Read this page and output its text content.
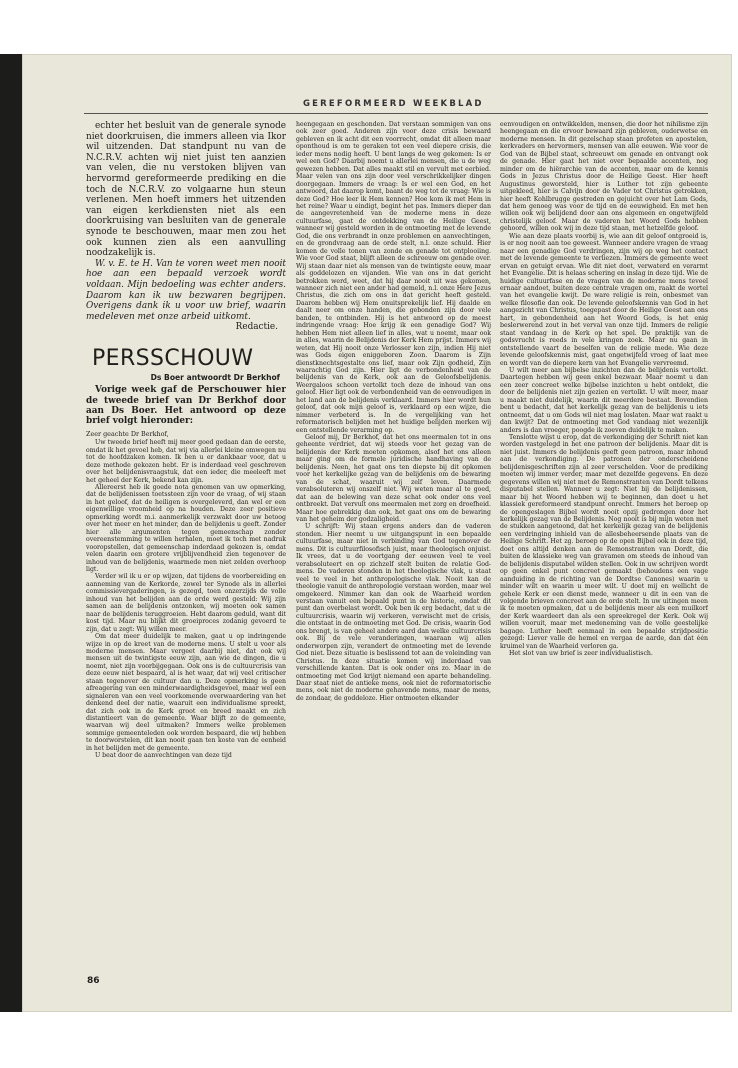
GEREFORMEERD WEEKBLAD

echter het besluit van de generale synode niet doorkruisen, die immers alleen via Ikor wil uitzenden. Dat standpunt nu van de N.C.R.V. achten wij niet juist ten aanzien van velen, die nu verstoken blijven van hervormd gereformeerde prediking en die toch de N.C.R.V. zo volgaarne hun steun verlenen. Men hoeft immers het uitzenden van eigen kerkdiensten niet als een doorkruising van besluiten van de generale synode te beschouwen, maar men zou het ook kunnen zien als een aanvulling noodzakelijk is.

W. v. E. te H. Van te voren weet men nooit hoe aan een bepaald verzoek wordt voldaan. Mijn bedoeling was echter anders. Daarom kan ik uw bezwaren begrijpen. Overigens dank ik u voor uw brief, waarin medeleven met onze arbeid uitkomt.

Redactie.
PERSSCHOUW
Ds Boer antwoordt Dr Berkhof

Vorige week gaf de Perschouwer hier de tweede brief van Dr Berkhof door aan Ds Boer. Het antwoord op deze brief volgt hieronder:

Zeer geachte Dr Berkhof,

Uw tweede brief heeft mij meer goed gedaan dan de eerste, omdat ik het gevoel heb, dat wij via allerlei kleine omwegen nu tot de hoofdzaken komen. Ik ben u er dankbaar voor, dat u deze methode gekozen hebt. Er is inderdaad veel geschreven over het belijdenisvraagstuk, dat een ieder, die meeleeft met het geheel der Kerk, bekend kan zijn.

Allereerst heb ik goede nota genomen van uw opmerking, dat de belijdenissen toetssteen zijn voor de vraag, of wij staan in het geloof, dat de heiligen is overgeleverd, dan wel er een eigenwillige vroomheid op na houden. Deze zeer positieve opmerking wordt m.i. aanmerkelijk verzwakt door uw betoog over het meer en het minder, dan de belijdenis u geeft. Zonder hier alle argumenten tegen gemeenschap zonder overeenstemming te willen herhalen, moet ik toch met nadruk vooropstellen, dat gemeenschap inderdaad gekozen is, omdat velen daarin een grotere vrijblijvendheid zien tegenover de inhoud van de belijdenis, waarmede men niet zelden overhoop ligt.

Verder wil ik u er op wijzen, dat tijdens de voorbereiding en aanneming van de Kerkorde, zowel ter Synode als in allerlei commissievergaderingen, is gezegd, toen onzerzijds de volle inhoud van het belijden aan de orde werd gesteld: Wij zijn samen aan de belijdenis ontzonken, wij moeten ook samen naar de belijdenis teruggroeien. Hebt daarom geduld, want dit kost tijd. Maar nu blijkt dit groeiproces zodanig gevoerd te zijn, dat u zegt: Wij willen meer.

Om dat meer duidelijk te maken, gaat u op indringende wijze in op de kreet van de moderne mens. U stelt u voor als moderne mensen. Maar vergeet daarbij niet, dat ook wij mensen uit de twintigste eeuw zijn, aan wie de dingen, die u noemt, niet zijn voorbijgegaan. Ook ons is de cultuurcrisis van deze eeuw niet bespaard, al is het waar, dat wij veel critischer staan tegenover de cultuur dan u. Deze opmerking is geen afreagering van een minderwaardigheidsgevoel, maar wel een signaleren van een veel voorkomende overwaardering van het denkend deel der natie, waaruit een individualisme spreekt, dat zich ook in de Kerk groot en breed maakt en zich distantieert van de gemeente. Waar blijft zo de gemeente, waarvan wij deel uitmaken? Immers welke problemen sommige gemeenteleden ook worden bespaard, die wij hebben te doorworstelen, dit kan nooit gaan ten koste van de eenheid in het belijden met de gemeente.

U beat door de aanvechtingen van deze tijd

heengegaan en geschonden. Dat verstaan sommigen van ons ook zeer goed. Anderen zijn voor deze crisis bewaard gebleven en ik acht dit een voorrecht, omdat dit alleen maar oponthoud is om te geraken tot een veel diepere crisis, die ieder mens nodig heeft. U bent langs de weg gekomen: Is er wel een God? Daarbij noemt u allerlei mensen, die u de weg gewezen hebben. Dat alles maakt stil en vervult met eerbied. Maar velen van ons zijn door veel verschrikkelijker dingen doorgegaan. Immers de vraag: Is er wel een God, en het antwoord, dat daarop komt, baant de weg tot de vraag: Wie is deze God? Hoe leer ik Hem kennen? Hoe kom ik met Hem in het reine? Waar u eindigt, begint het pas. Immers dieper dan de aangevretenheid van de moderne mens in deze cultuurfase, gaat de ontdekking van de Heilige Geest, wanneer wij gesteld worden in de ontmoeting met de levende God, die ons verbrandt in onze problemen en aanvechtingen, en de grondvraag aan de orde stelt, n.l. onze schuld. Hier komen de volle tonen van zonde en genade tot ontplooiing. Wie voor God staat, blijft alleen de schreeuw om genade over. Wij staan daar niet als mensen van de twintigste eeuw, maar als goddelozen en vijanden. Wie van ons in dat gericht betrokken werd, weet, dat hij daar nooit uit was gekomen, wanneer zich niet een ander had gemeld, n.l. onze Here Jezus Christus, die zich om ons in dat gericht heeft gesteld. Daarom hebben wij Hem onuitsprekelijk lief. Hij daalde en daalt neer om onze handen, die gebonden zijn door vele banden, te ontbinden. Hij is het antwoord op de meest indringende vraag: Hoe krijg ik een genadige God? Wij hebben Hem niet alleen lief in alles, wat u noemt, maar ook in alles, waarin de Belijdenis der Kerk Hem prijst. Immers wij weten, dat Hij nooit onze Verlosser kon zijn, indien Hij niet was Gods eigen eniggeboren Zoon. Daarom is Zijn dienstknechtsgestalte ons lief, maar ook Zijn godheid, Zijn waarachtig God zijn. Hier ligt de verbondenheid van de belijdenis van de Kerk, ook aan de Geloofsbelijdenis. Weergaloos schoon vertolkt toch deze de inhoud van ons geloof. Hier ligt ook de verbondenheid van de eenvoudigen in het land aan de belijdenis verklaard. Immers hier wordt hun geloof, dat ook mijn geloof is, verklaard op een wijze, die nimmer verbeterd is. In de vergelijking van het reformatorisch belijden met het huidige belijden merken wij een ontstellende verarming op.

Geloof mij, Dr Berkhof, dat het ons meermalen tot in ons geheente verdriet, dat wij steeds voor het gezag van de belijdenis der Kerk moeten opkomen, alsof het ons alleen maar ging om de formele juridische handhaving van de belijdenis. Neen, het gaat ons ten diepste bij dit opkomen voor het kerkelijke gezag van de belijdenis om de bewaring van de schat, waaruit wij zelf leven. Daarmede verabsoluteren wij onszelf niet. Wij weten maar al te goed, dat aan de belewing van deze schat ook onder ons veel ontbreekt. Dat vervult ons meermalen met zorg en droefheid. Maar hoe gebrekkig dan ook, het gaat ons om de bewaring van het geheim der godzaligheid.

U schrijft: Wij staan ergens anders dan de vaderen stonden. Hier neemt u uw uitgangspunt in een bepaalde cultuurfase, maar niet in verbinding van God tegenover de mens. Dit is cultuurfilosofisch juist, maar theologisch onjuist. Ik vrees, dat u de voortgang der eeuwen veel te veel verabsoluteert en op zichzelf stelt buiten de relatie God-mens. De vaderen stonden in het theologische vlak, u staat veel te veel in het anthropologische vlak. Nooit kan de theologie vanuit de anthropologie verstaan worden, maar wel omgekeerd. Nimmer kan dan ook de Waarheid worden verstaan vanuit een bepaald punt in de historie, omdat dit punt dan overbelast wordt. Ook ben ik erg bedacht, dat u de cultuurcrisis, waarin wij verkeren, verwischt met de crisis, die ontstaat in de ontmoeting met God. De crisis, waarin God ons brengt, is van geheel andere aard dan welke cultuurcrisis ook. Bij de vele veranderingen, waaraan wij allen onderworpen zijn, verandert de ontmoeting met de levende God niet. Deze situatie is beslissend tot aan de voleinding van Christus. In deze situatie komen wij inderdaad van verschillende kanten. Dat is ook onder ons zo. Maar in de ontmoeting met God krijgt niemand een aparte behandeling. Daar staat niet de antieke mens, ook niet de reformatorische mens, ook niet de moderne gehavende mens, maar de mens, de zondaar, de goddeloze. Hier ontmoeten elkander

eenvoudigen en ontwikkelden, mensen, die door het nihilisme zijn heengegaan en die ervoor bewaard zijn gebleven, ouderwetse en moderne mensen. In dit gezelschap staan profeten en apostelen, kerkvaders en hervormers, mensen van alle eeuwen. Wie voor de God van de Bijbel staat, schreeuwt om genade en ontvangt ook de genade. Hier gaat het niet over bepaalde accenten, nog minder om de hiërarchie van de accenten, maar om de kennis Gods in Jezus Christus door de Heilige Geest. Hier heeft Augustinus geworsteld, hier is Luther tot zijn gebeente uitgekleed, hier is Calvijn door de Vader tot Christus getrokken, hier heeft Kohlbrugge gestreden en gejuicht over het Lam Gods, dat hem genoeg was voor de tijd en de eeuwigheid. En met hen willen ook wij belijdend door aan ons algemeen en ongetwijfeld christelijk geloof. Maar de vaderen het Woord Gods hebben gehoord, willen ook wij in deze tijd staan, met hetzelfde geloof.

Wie aan deze plaats voorbij is, wie aan dit geloof ontgroeid is, is er nog nooit aan toe geweest. Wanneer andere vragen de vraag naar een genadige God verdringen, zijn wij op weg het contact met de levende gemeente te verliezen. Immers de gemeente weet ervan en getuigt ervan. Wie dit niet doet, verwaterd en verarmt het Evangelie. Dit is helaas schering en inslag in deze tijd. Wie de huidige cultuurfase en de vragen van de moderne mens teveel ernaar aandoet, buiten deze centrale vragen om, raakt de wortel van het evangelie kwijt. De ware religie is rein, onbesmet van welke filosofie dan ook. De levende geloofskennis van God in het aangezicht van Christus, toegepast door de Heilige Geest aan ons hart, in gebondenheid aan het Woord Gods, is het enig beslerwerend zout in het verval van onze tijd. Immers de religie staat vandaag in de Kerk op het spel. De praktijk van de godsvrucht is reeds in vele kringen zoek. Maar nu gaan in ontstellende vaart de beselfen van de religie mede. Wie deze levende geloofskennis mist, gaat ongetwijfeld vroeg of laat mee en wordt van de diepere kern van het Evangelie vervreemd.

U wilt meer aan bijbelse inzichten dan de belijdenis vertolkt. Daartegen hebben wij geen enkel bezwaar. Maar noemt u dan een zeer concreet welke bijbelse inzichten u hebt ontdekt, die door de belijdenis niet zijn gezien en vertolkt. U wilt meer, maar u maakt niet duidelijk, waarin dit meerdere bestaat. Bovendien bent u bedacht, dat het kerkelijk gezag van de belijdenis u iets ontneemt, dat u om Gods wil niet mag loslaten. Maar wat raakt u dan kwijt? Dat de ontmoeting met God vandaag niet wezenlijk anders is dan vroeger, poogde ik zoeven duidelijk te maken.

Tenslotte wijst u erop, dat de verkondiging der Schrift niet kan worden vastgelegd in het ene patroon der belijdenis. Maar dit is niet juist. Immers de belijdenis geeft geen patroon, maar inhoud aan de verkondiging. De patronen der onderscheidene belijdenisgeschriften zijn al zeer verschelden. Voor de prediking moeten wij immer verder, maar met dezelfde gegevens. En deze gegevens willen wij niet met de Remonstranten van Dordt telkens disputabel stellen. Wanneer u zegt: Niet bij de belijdenissen, maar bij het Woord hebben wij te beginnen, dan doet u het klassiek gereformeerd standpunt onrecht. Immers het beroep op de opengeslagen Bijbel wordt nooit opzij gedrongen door het kerkelijk gezag van de Belijdenis. Nog nooit is bij mijn weten met de stukken aangetoond, dat het kerkelijk gezag van de belijdenis een verdringing inhield van de allesbeheersende plaats van de Heilige Schrift. Het zg. beroep op de open Bijbel ook in deze tijd, doet ons altijd denken aan de Remonstranten van Dordt, die buiten de klassieke weg van gravamen om steeds de inhoud van de belijdenis disputabel wilden stellen. Ook in uw schrijven wordt op geen enkel punt concreet gemaakt (behoudens een vage aanduiding in de richting van de Dordtse Canones) waarin u minder wilt en waarin u meer wilt. U doet mij en wellicht de gehele Kerk er een dienst mede, wanneer u dit in een van de volgende brieven concreet aan de orde stelt. In uw uitingen meen ik te moeten opmaken, dat u de belijdenis meer als een muilkorf der Kerk waardeert dan als een spreekregel der Kerk. Ook wij willen vooruit, maar met medeneming van de volle geestelijke bagage. Luther heeft eenmaal in een bepaalde strijdpositie gezegd: Liever valle de hemel en vergaa de aarde, dan dat één kruimel van de Waarheid verloren ga.

Het slot van uw brief is zeer individualistisch.

86
